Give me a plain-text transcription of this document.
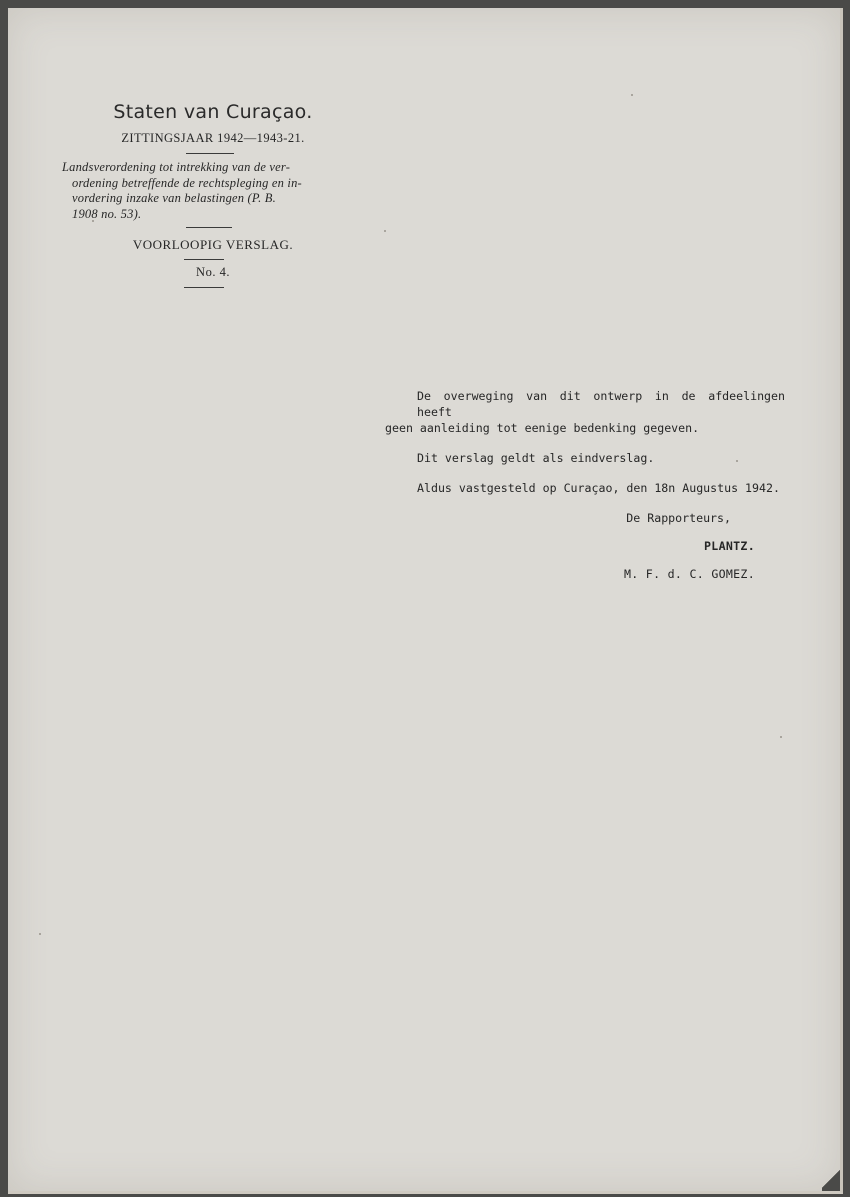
Staten van Curaçao.
ZITTINGSJAAR 1942—1943-21.
Landsverordening tot intrekking van de ver-
ordening betreffende de rechtspleging en in-
vordering inzake van belastingen (P. B.
1908 no. 53).
VOORLOOPIG VERSLAG.
No. 4.
De overweging van dit ontwerp in de afdeelingen heeft
geen aanleiding tot eenige bedenking gegeven.
Dit verslag geldt als eindverslag.
Aldus vastgesteld op Curaçao, den 18n Augustus 1942.
De Rapporteurs,
PLANTZ.
M. F. d. C. GOMEZ.
